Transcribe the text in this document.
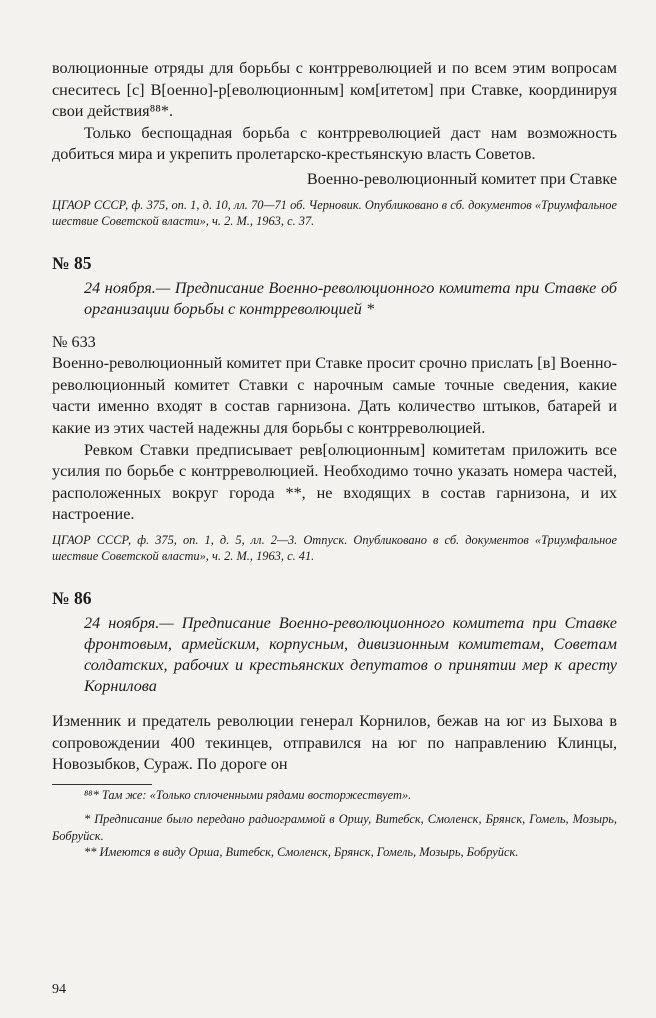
волюционные отряды для борьбы с контрреволюцией и по всем этим вопросам снеситесь [с] В[оенно]-р[еволюционным] ком[итетом] при Ставке, координируя свои действия⁸⁸*.

Только беспощадная борьба с контрреволюцией даст нам возможность добиться мира и укрепить пролетарско-крестьянскую власть Советов.

Военно-революционный комитет при Ставке

ЦГАОР СССР, ф. 375, оп. 1, д. 10, лл. 70—71 об. Черновик. Опубликовано в сб. документов «Триумфальное шествие Советской власти», ч. 2. М., 1963, с. 37.

№ 85

24 ноября.— Предписание Военно-революционного комитета при Ставке об организации борьбы с контрреволюцией *

№ 633

Военно-революционный комитет при Ставке просит срочно прислать [в] Военно-революционный комитет Ставки с нарочным самые точные сведения, какие части именно входят в состав гарнизона. Дать количество штыков, батарей и какие из этих частей надежны для борьбы с контрреволюцией.

Ревком Ставки предписывает рев[олюционным] комитетам приложить все усилия по борьбе с контрреволюцией. Необходимо точно указать номера частей, расположенных вокруг города **, не входящих в состав гарнизона, и их настроение.

ЦГАОР СССР, ф. 375, оп. 1, д. 5, лл. 2—3. Отпуск. Опубликовано в сб. документов «Триумфальное шествие Советской власти», ч. 2. М., 1963, с. 41.

№ 86

24 ноября.— Предписание Военно-революционного комитета при Ставке фронтовым, армейским, корпусным, дивизионным комитетам, Советам солдатских, рабочих и крестьянских депутатов о принятии мер к аресту Корнилова

Изменник и предатель революции генерал Корнилов, бежав на юг из Быхова в сопровождении 400 текинцев, отправился на юг по направлению Клинцы, Новозыбков, Сураж. По дороге он

⁸⁸* Там же: «Только сплоченными рядами восторжествует».

* Предписание было передано радиограммой в Оршу, Витебск, Смоленск, Брянск, Гомель, Мозырь, Бобруйск.

** Имеются в виду Орша, Витебск, Смоленск, Брянск, Гомель, Мозырь, Бобруйск.

94
